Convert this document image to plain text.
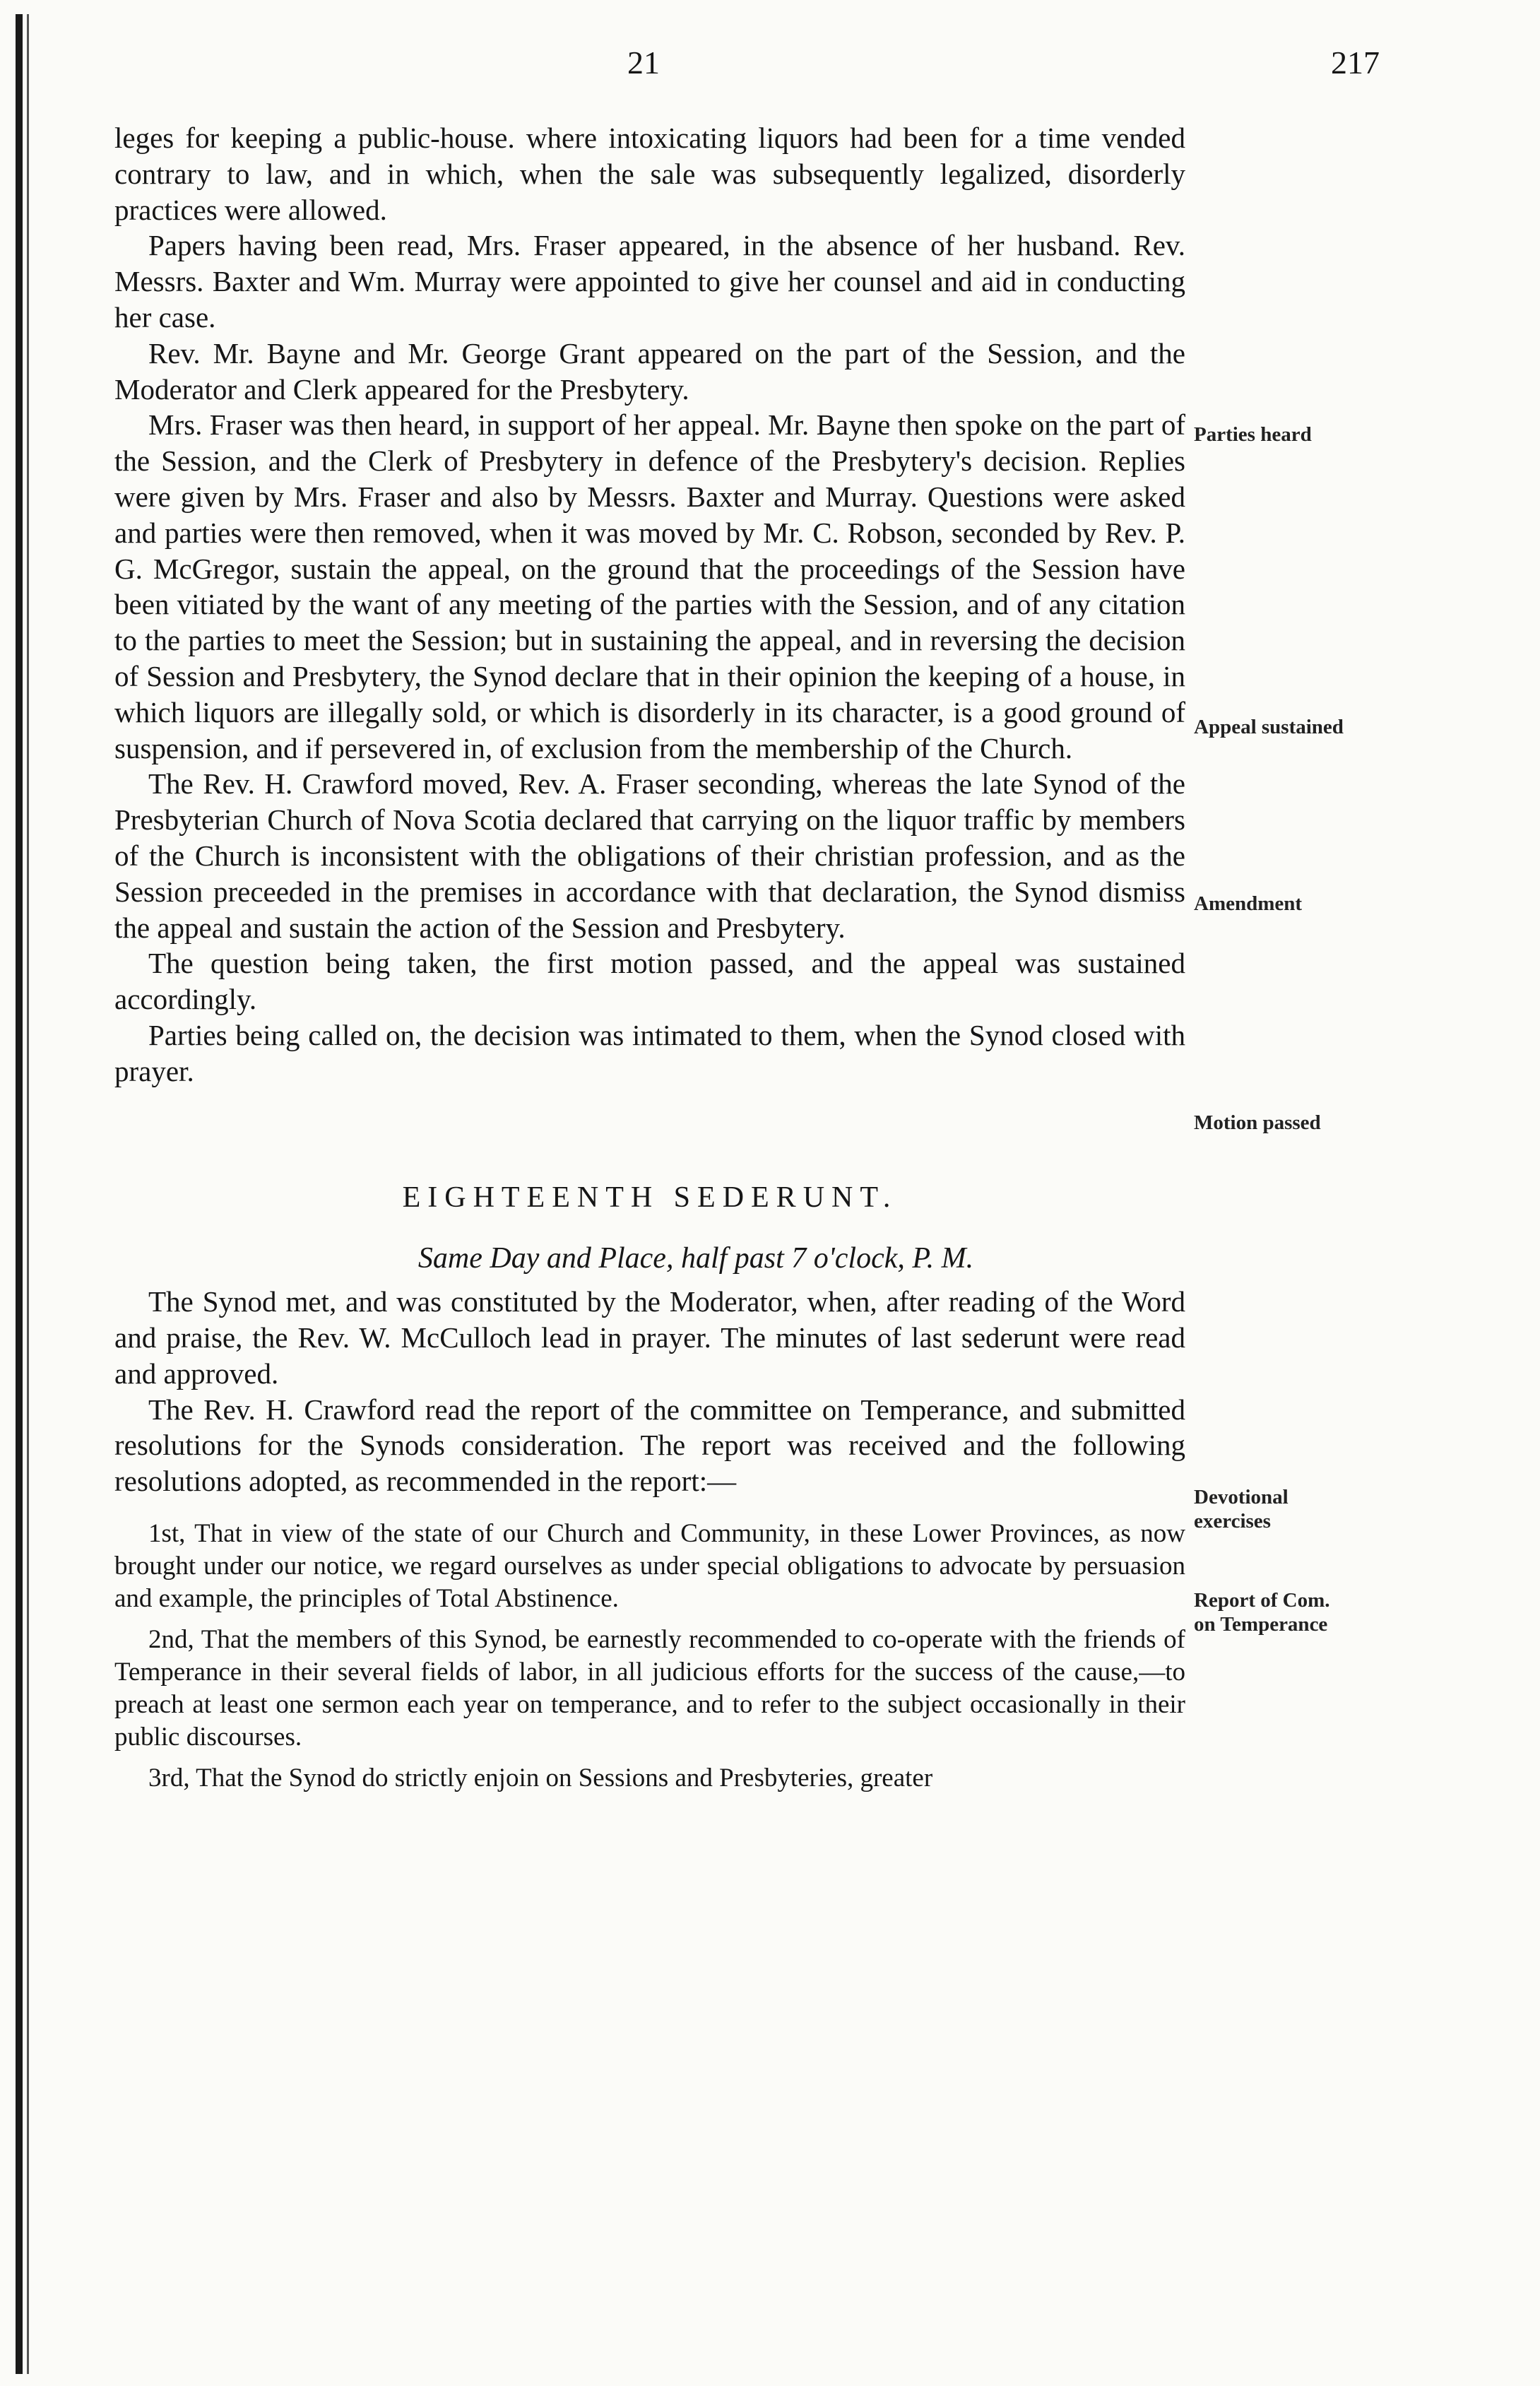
21	217

leges for keeping a public-house. where intoxicating liquors had been for a time vended contrary to law, and in which, when the sale was subsequently legalized, disorderly practices were allowed.

Papers having been read, Mrs. Fraser appeared, in the absence of her husband. Rev. Messrs. Baxter and Wm. Murray were appointed to give her counsel and aid in conducting her case.

Rev. Mr. Bayne and Mr. George Grant appeared on the part of the Session, and the Moderator and Clerk appeared for the Presbytery.

Mrs. Fraser was then heard, in support of her appeal. Mr. Bayne then spoke on the part of the Session, and the Clerk of Presbytery in defence of the Presbytery's decision. Replies were given by Mrs. Fraser and also by Messrs. Baxter and Murray. Questions were asked and parties were then removed, when it was moved by Mr. C. Robson, seconded by Rev. P. G. McGregor, sustain the appeal, on the ground that the proceedings of the Session have been vitiated by the want of any meeting of the parties with the Session, and of any citation to the parties to meet the Session; but in sustaining the appeal, and in reversing the decision of Session and Presbytery, the Synod declare that in their opinion the keeping of a house, in which liquors are illegally sold, or which is disorderly in its character, is a good ground of suspension, and if persevered in, of exclusion from the membership of the Church.

The Rev. H. Crawford moved, Rev. A. Fraser seconding, whereas the late Synod of the Presbyterian Church of Nova Scotia declared that carrying on the liquor traffic by members of the Church is inconsistent with the obligations of their christian profession, and as the Session preceeded in the premises in accordance with that declaration, the Synod dismiss the appeal and sustain the action of the Session and Presbytery.

The question being taken, the first motion passed, and the appeal was sustained accordingly.

Parties being called on, the decision was intimated to them, when the Synod closed with prayer.

EIGHTEENTH SEDERUNT.

Same Day and Place, half past 7 o'clock, P. M.

The Synod met, and was constituted by the Moderator, when, after reading of the Word and praise, the Rev. W. McCulloch lead in prayer. The minutes of last sederunt were read and approved.

The Rev. H. Crawford read the report of the committee on Temperance, and submitted resolutions for the Synods consideration. The report was received and the following resolutions adopted, as recommended in the report:—

1st, That in view of the state of our Church and Community, in these Lower Provinces, as now brought under our notice, we regard ourselves as under special obligations to advocate by persuasion and example, the principles of Total Abstinence.

2nd, That the members of this Synod, be earnestly recommended to co-operate with the friends of Temperance in their several fields of labor, in all judicious efforts for the success of the cause,—to preach at least one sermon each year on temperance, and to refer to the subject occasionally in their public discourses.

3rd, That the Synod do strictly enjoin on Sessions and Presbyteries, greater

Parties heard
Appeal sustained
Amendment
Motion passed
Devotional exercises
Report of Com. on Temperance
